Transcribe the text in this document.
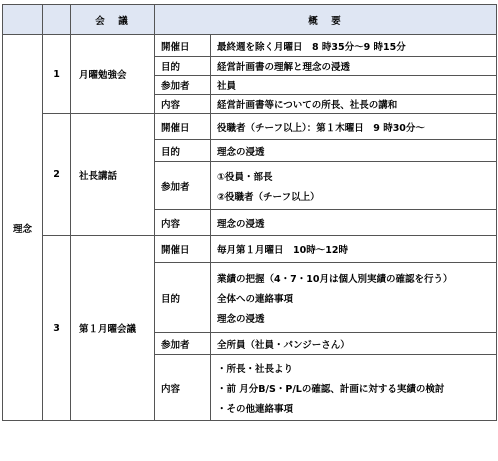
		会　議	概　要	
理念	1	月曜勉強会	開催日	最終週を除く月曜日　8 時35分～9 時15分

			目的	経営計画書の理解と理念の浸透

			参加者	社員

			内容	経営計画書等についての所長、社長の講和

	2	社長講話	開催日	役職者（チーフ以上）：第１木曜日　9 時30分～

			目的	理念の浸透

			参加者	①役員・部長
②役職者（チーフ以上）

			内容	理念の浸透

	3	第１月曜会議	開催日	毎月第１月曜日　10時～12時

			目的	業績の把握（4・7・10月は個人別実績の確認を行う）
全体への連絡事項
理念の浸透

			参加者	全所員（社員・パンジーさん）

			内容	・所長・社長より
・前 月分B/S・P/Lの確認、計画に対する実績の検討
・その他連絡事項
